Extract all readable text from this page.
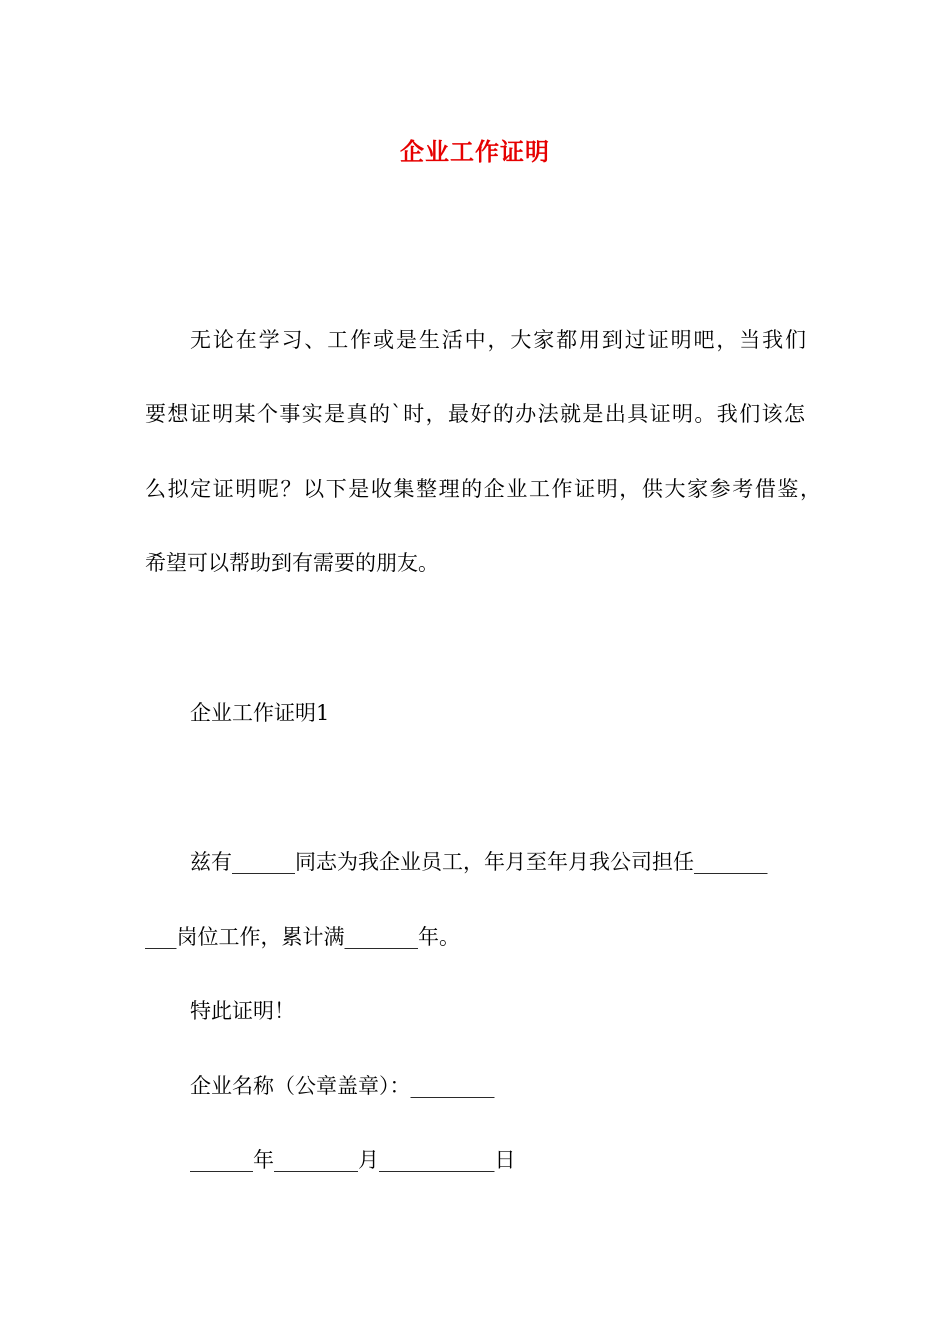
企业工作证明
无论在学习、工作或是生活中，大家都用到过证明吧，当我们
要想证明某个事实是真的`时，最好的办法就是出具证明。我们该怎
么拟定证明呢？以下是收集整理的企业工作证明，供大家参考借鉴，
希望可以帮助到有需要的朋友。
企业工作证明1
兹有______同志为我企业员工，年月至年月我公司担任_______
___岗位工作，累计满_______年。
特此证明！
企业名称（公章盖章）：________
______年________月___________日
